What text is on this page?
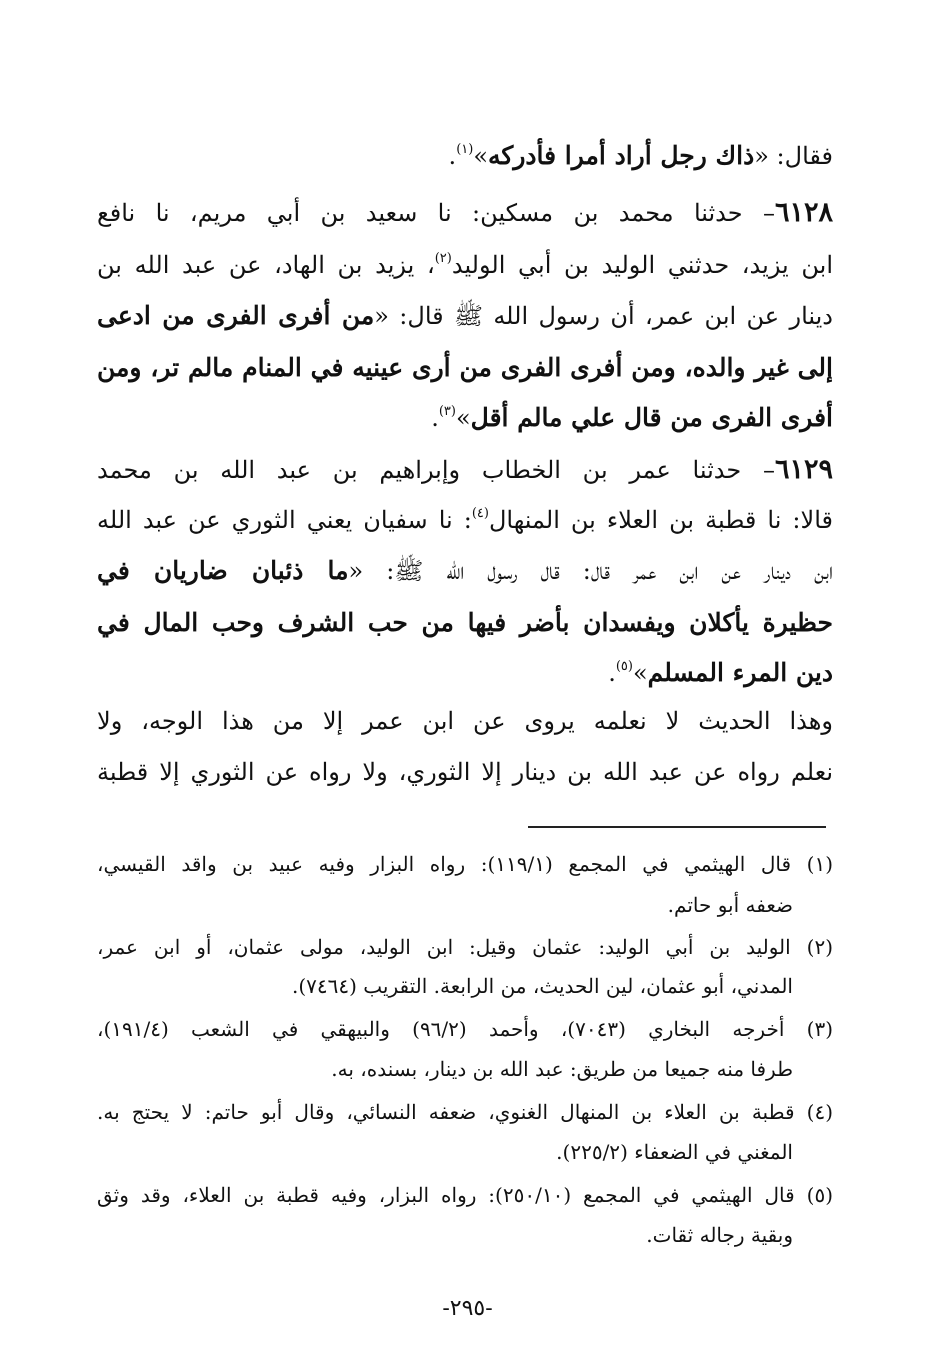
فقال: «ذاك رجل أراد أمرا فأدركه»$^{(١)}$.
٦١٢٨– حدثنا محمد بن مسكين: نا سعيد بن أبي مريم، نا نافع
ابن يزيد، حدثني الوليد بن أبي الوليد$^{(٢)}$، يزيد بن الهاد، عن عبد الله بن
دينار عن ابن عمر، أن رسول الله ﷺ قال: «من أفرى الفرى من ادعى
إلى غير والده، ومن أفرى الفرى من أرى عينيه في المنام مالم تر، ومن
أفرى الفرى من قال علي مالم أقل»$^{(٣)}$.
٦١٢٩– حدثنا عمر بن الخطاب وإبراهيم بن عبد الله بن محمد
قالا: نا قطبة بن العلاء بن المنهال$^{(٤)}$: نا سفيان يعني الثوري عن عبد الله
ابن دينار عن ابن عمر قال: قال رسول الله ﷺ: «ما ذئبان ضاريان في
حظيرة يأكلان ويفسدان بأضر فيها من حب الشرف وحب المال في
دين المرء المسلم»$^{(٥)}$.
وهذا الحديث لا نعلمه يروى عن ابن عمر إلا من هذا الوجه، ولا
نعلم رواه عن عبد الله بن دينار إلا الثوري، ولا رواه عن الثوري إلا قطبة
(١) قال الهيثمي في المجمع (١١٩/١): رواه البزار وفيه عبيد بن واقد القيسي،
ضعفه أبو حاتم.
(٢) الوليد بن أبي الوليد: عثمان وقيل: ابن الوليد، مولى عثمان، أو ابن عمر،
المدني، أبو عثمان، لين الحديث، من الرابعة. التقريب (٧٤٦٤).
(٣) أخرجه البخاري (٧٠٤٣)، وأحمد (٩٦/٢) والبيهقي في الشعب (١٩١/٤)،
طرفا منه جميعا من طريق: عبد الله بن دينار، بسنده، به.
(٤) قطبة بن العلاء بن المنهال الغنوي، ضعفه النسائي، وقال أبو حاتم: لا يحتج به.
المغني في الضعفاء (٢٢٥/٢).
(٥) قال الهيثمي في المجمع (٢٥٠/١٠): رواه البزار، وفيه قطبة بن العلاء، وقد وثق
وبقية رجاله ثقات.
-٢٩٥-
